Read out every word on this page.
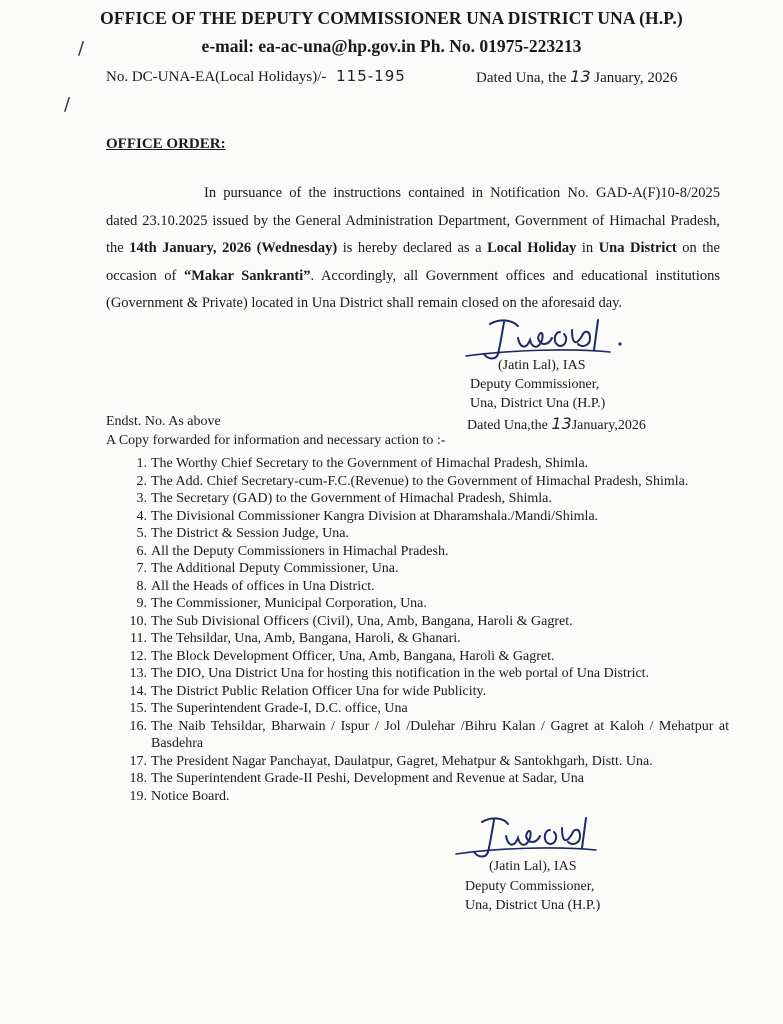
OFFICE OF THE DEPUTY COMMISSIONER UNA DISTRICT UNA (H.P.)
e-mail: ea-ac-una@hp.gov.in Ph. No. 01975-223213
/
/
No. DC-UNA-EA(Local Holidays)/- 115-195	Dated Una, the 13 January, 2026
OFFICE ORDER:

In pursuance of the instructions contained in Notification No. GAD-A(F)10-8/2025 dated 23.10.2025 issued by the General Administration Department, Government of Himachal Pradesh, the 14th January, 2026 (Wednesday) is hereby declared as a Local Holiday in Una District on the occasion of “Makar Sankranti”. Accordingly, all Government offices and educational institutions (Government & Private) located in Una District shall remain closed on the aforesaid day.

(Jatin Lal), IAS
Deputy Commissioner,
Una, District Una (H.P.)
Endst. No. As above	Dated Una,the 13January,2026
A Copy forwarded for information and necessary action to :-
1. The Worthy Chief Secretary to the Government of Himachal Pradesh, Shimla.
2. The Add. Chief Secretary-cum-F.C.(Revenue) to the Government of Himachal Pradesh, Shimla.
3. The Secretary (GAD) to the Government of Himachal Pradesh, Shimla.
4. The Divisional Commissioner Kangra Division at Dharamshala./Mandi/Shimla.
5. The District & Session Judge, Una.
6. All the Deputy Commissioners in Himachal Pradesh.
7. The Additional Deputy Commissioner, Una.
8. All the Heads of offices in Una District.
9. The Commissioner, Municipal Corporation, Una.
10. The Sub Divisional Officers (Civil), Una, Amb, Bangana, Haroli & Gagret.
11. The Tehsildar, Una, Amb, Bangana, Haroli, & Ghanari.
12. The Block Development Officer, Una, Amb, Bangana, Haroli & Gagret.
13. The DIO, Una District Una for hosting this notification in the web portal of Una District.
14. The District Public Relation Officer Una for wide Publicity.
15. The Superintendent Grade-I, D.C. office, Una
16. The Naib Tehsildar, Bharwain / Ispur / Jol /Dulehar /Bihru Kalan / Gagret at Kaloh / Mehatpur at Basdehra
17. The President Nagar Panchayat, Daulatpur, Gagret, Mehatpur & Santokhgarh, Distt. Una.
18. The Superintendent Grade-II Peshi, Development and Revenue at Sadar, Una
19. Notice Board.
(Jatin Lal), IAS
Deputy Commissioner,
Una, District Una (H.P.)
